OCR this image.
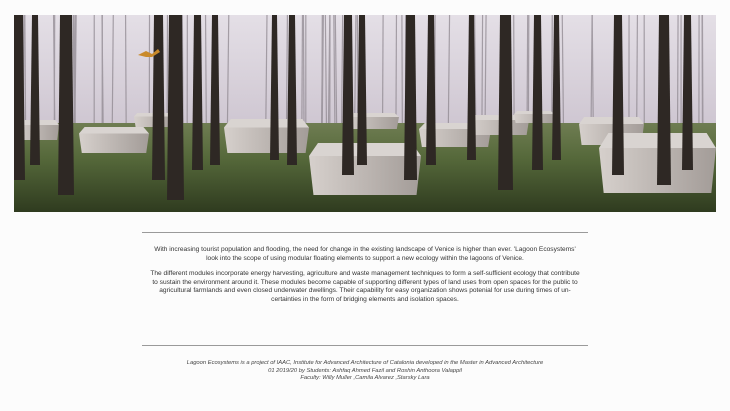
With increasing tourist population and flooding, the need for change in the existing landscape of Venice is higher than ever. 'Lagoon Ecosystems' look into the scope of using modular floating elements to support a new ecology within the lagoons of Venice.

The different modules incorporate energy harvesting, agriculture and waste management techniques to form a self-sufficient ecology that contribute to sustain the environment around it. These modules become capable of supporting different types of land uses from open spaces for the public to agricultural farmlands and even closed underwater dwellings. Their capability for easy organization shows potenial for use during times of un-certainties in the form of bridging elements and isolation spaces.

Lagoon Ecosystems is a project of IAAC, Institute for Advanced Architecture of Catalonia developed in the Master in Advanced Architecture
01 2019/20 by Students: Ashfaq Ahmed Fazil and Roshin Anthoora Valappil
Faculty: Willy Muller ,Camila Alvarez ,Starsky Lara
